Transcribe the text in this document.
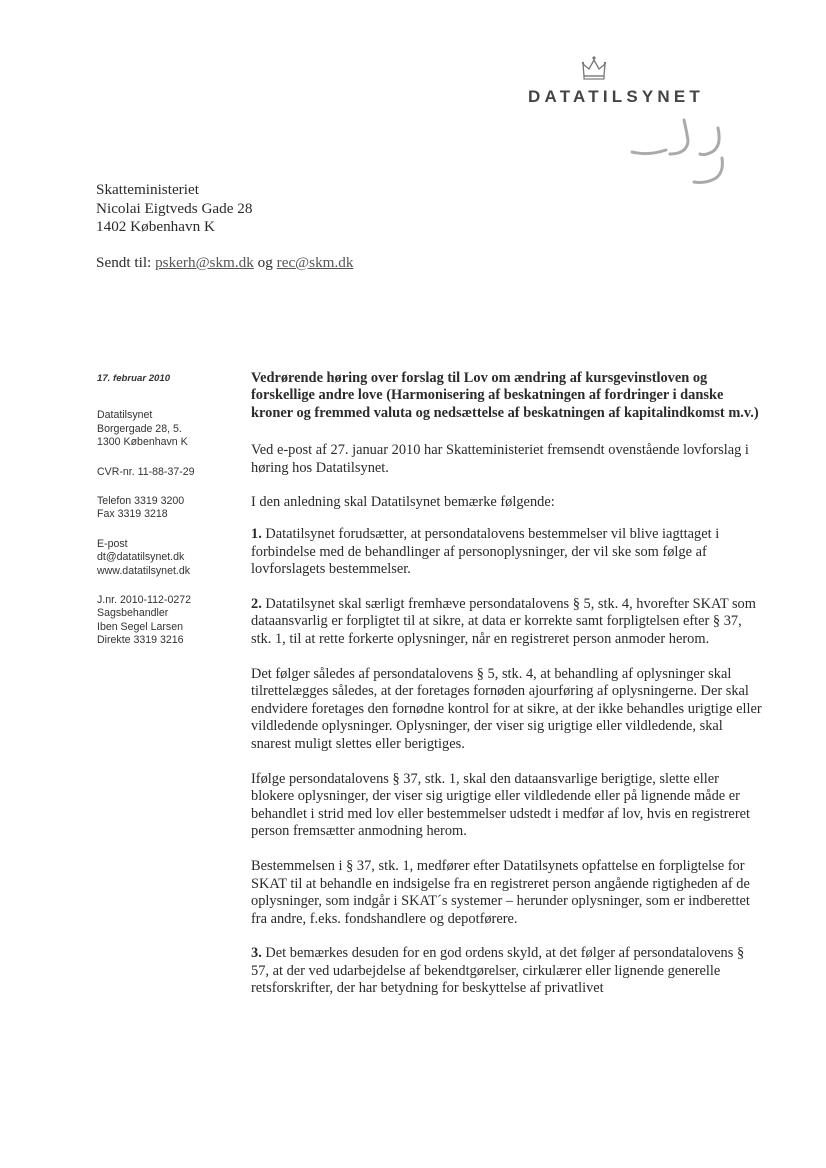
DATATILSYNET
Skatteministeriet
Nicolai Eigtveds Gade 28
1402 København K
Sendt til: pskerh@skm.dk og rec@skm.dk
17. februar 2010
Datatilsynet
Borgergade 28, 5.
1300 København K
CVR-nr. 11-88-37-29
Telefon 3319 3200
Fax 3319 3218
E-post
dt@datatilsynet.dk
www.datatilsynet.dk
J.nr. 2010-112-0272
Sagsbehandler
Iben Segel Larsen
Direkte 3319 3216
Vedrørende høring over forslag til Lov om ændring af kursgevinstloven og forskellige andre love (Harmonisering af beskatningen af fordringer i danske kroner og fremmed valuta og nedsættelse af beskatningen af kapitalindkomst m.v.)

Ved e-post af 27. januar 2010 har Skatteministeriet fremsendt ovenstående lovforslag i høring hos Datatilsynet.

I den anledning skal Datatilsynet bemærke følgende:

1. Datatilsynet forudsætter, at persondatalovens bestemmelser vil blive iagttaget i forbindelse med de behandlinger af personoplysninger, der vil ske som følge af lovforslagets bestemmelser.

2. Datatilsynet skal særligt fremhæve persondatalovens § 5, stk. 4, hvorefter SKAT som dataansvarlig er forpligtet til at sikre, at data er korrekte samt forpligtelsen efter § 37, stk. 1, til at rette forkerte oplysninger, når en registreret person anmoder herom.

Det følger således af persondatalovens § 5, stk. 4, at behandling af oplysninger skal tilrettelægges således, at der foretages fornøden ajourføring af oplysningerne. Der skal endvidere foretages den fornødne kontrol for at sikre, at der ikke behandles urigtige eller vildledende oplysninger. Oplysninger, der viser sig urigtige eller vildledende, skal snarest muligt slettes eller berigtiges.

Ifølge persondatalovens § 37, stk. 1, skal den dataansvarlige berigtige, slette eller blokere oplysninger, der viser sig urigtige eller vildledende eller på lignende måde er behandlet i strid med lov eller bestemmelser udstedt i medfør af lov, hvis en registreret person fremsætter anmodning herom.

Bestemmelsen i § 37, stk. 1, medfører efter Datatilsynets opfattelse en forpligtelse for SKAT til at behandle en indsigelse fra en registreret person angående rigtigheden af de oplysninger, som indgår i SKAT´s systemer – herunder oplysninger, som er indberettet fra andre, f.eks. fondshandlere og depotførere.

3. Det bemærkes desuden for en god ordens skyld, at det følger af persondatalovens § 57, at der ved udarbejdelse af bekendtgørelser, cirkulærer eller lignende generelle retsforskrifter, der har betydning for beskyttelse af privatlivet
